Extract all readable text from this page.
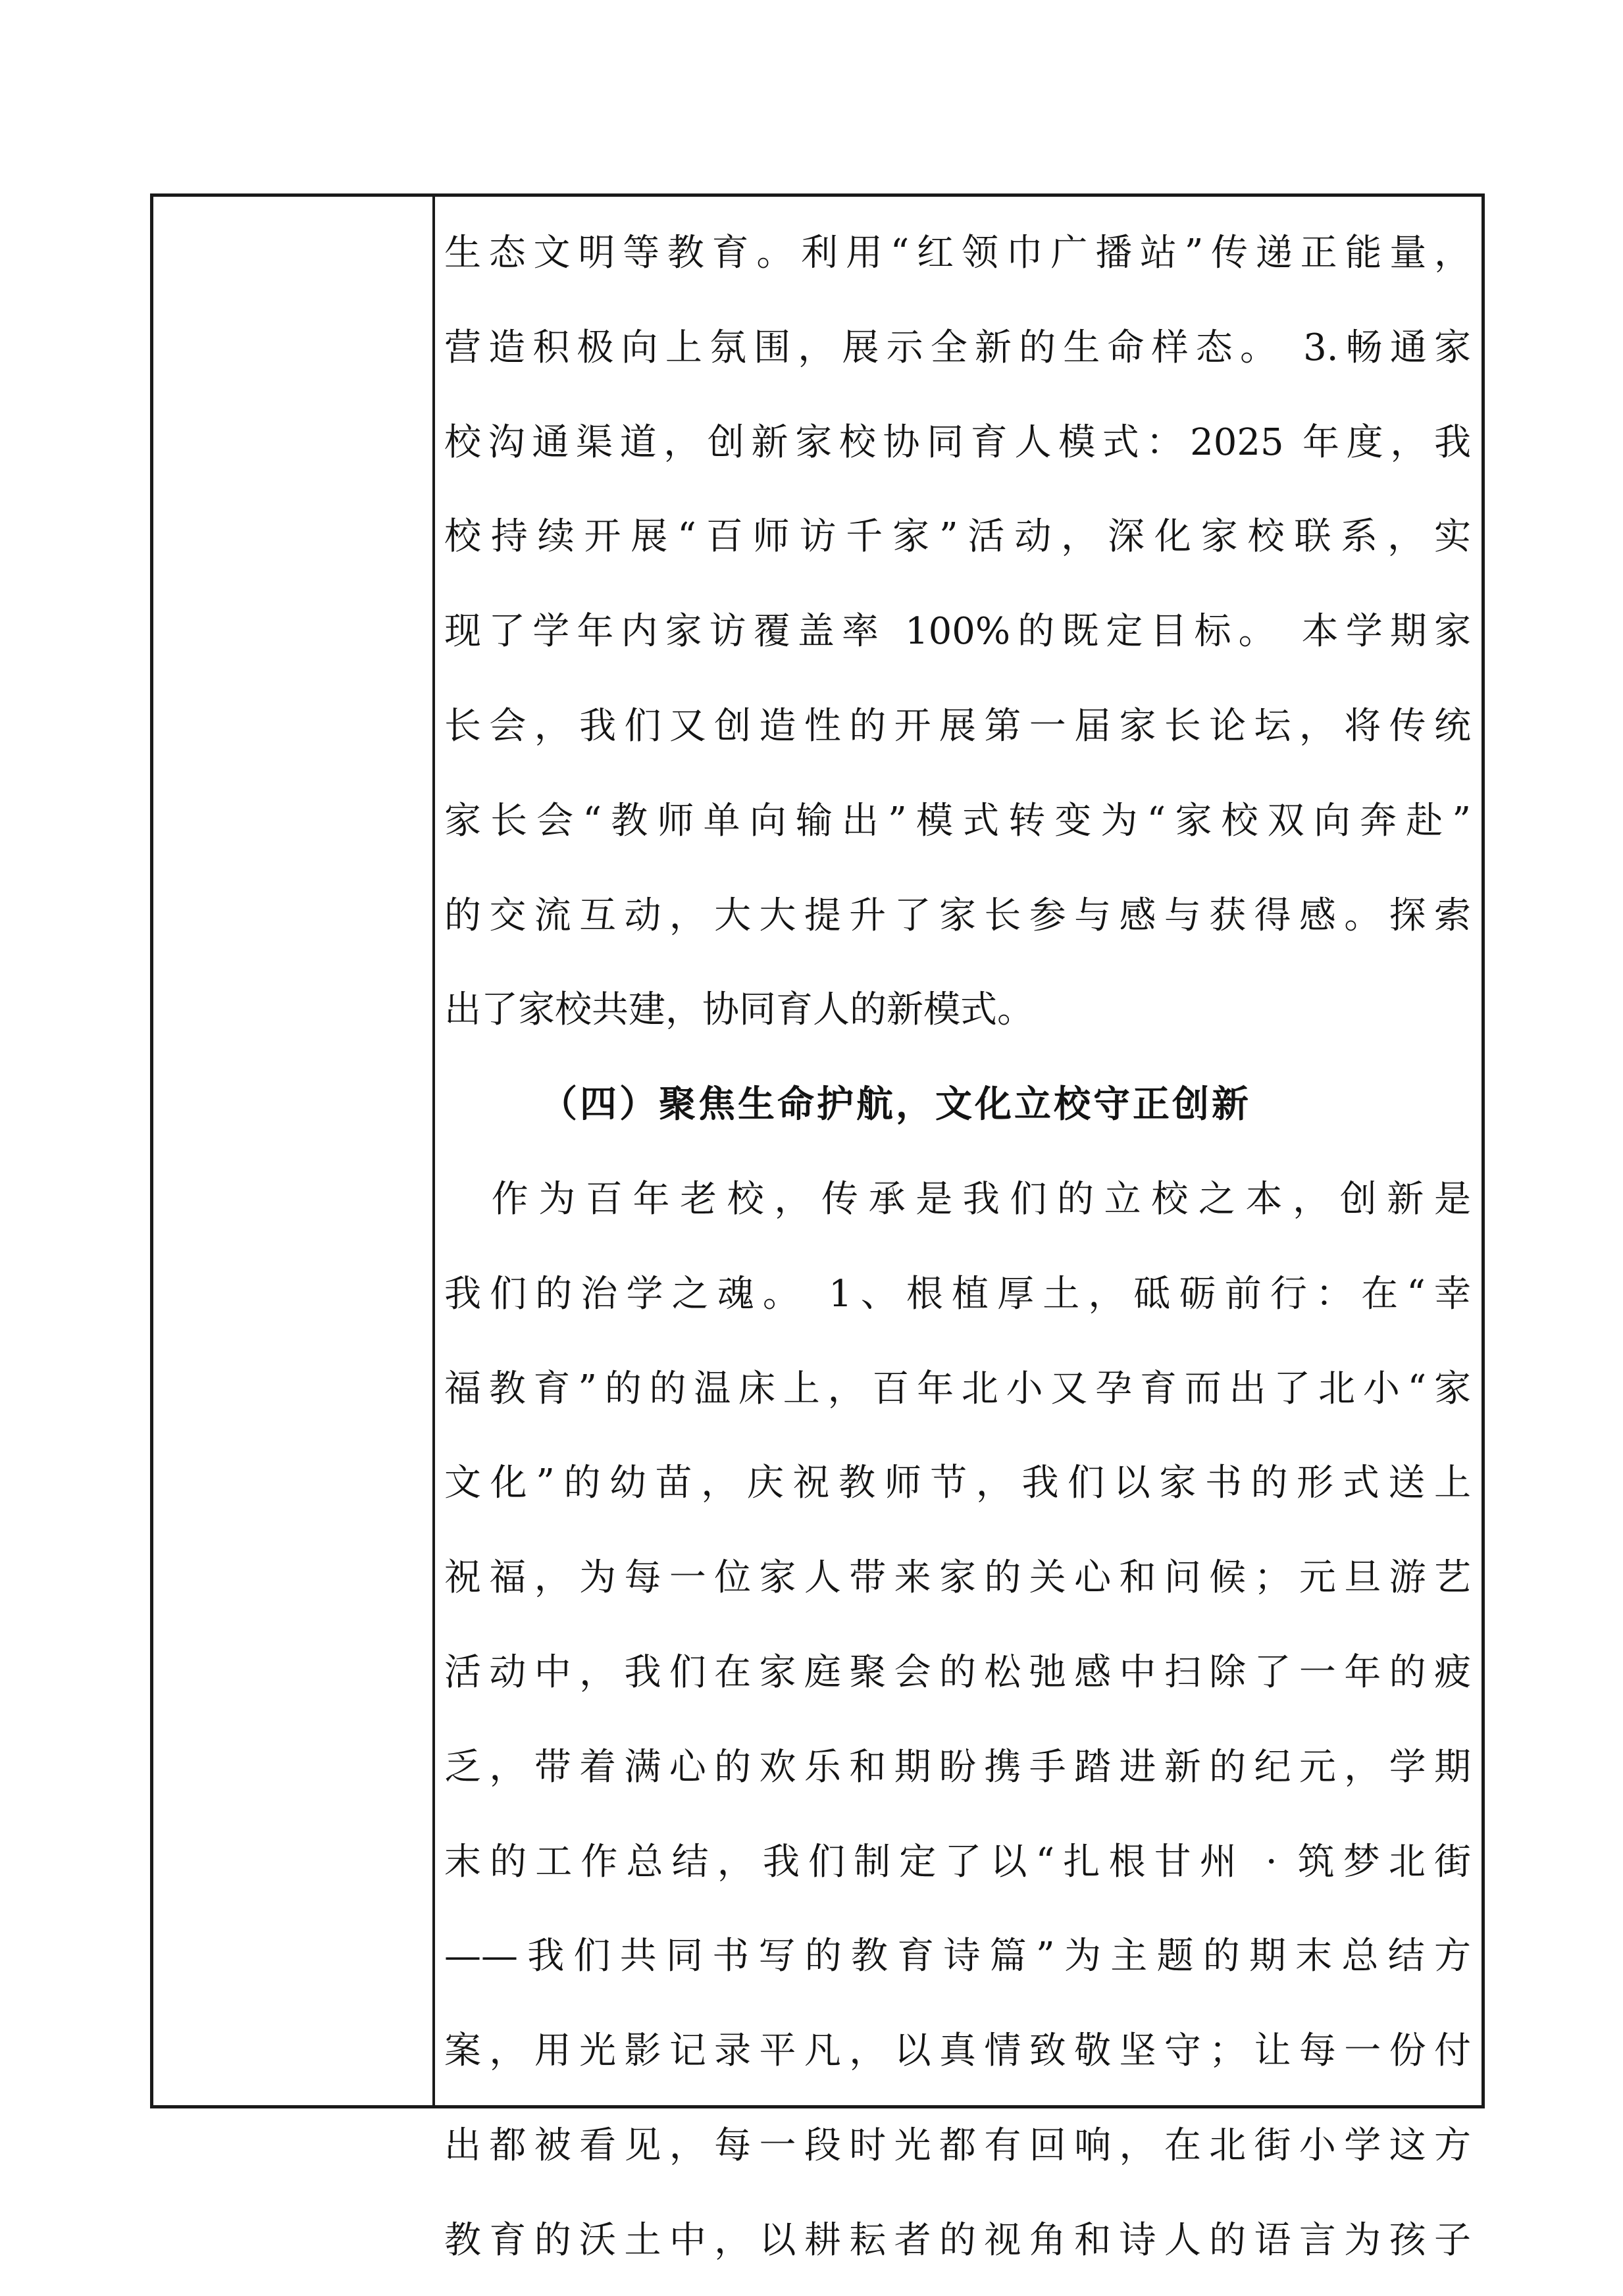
生态文明等教育。利用“红领巾广播站”传递正能量，
营造积极向上氛围，展示全新的生命样态。 3.畅通家
校沟通渠道，创新家校协同育人模式：2025 年度，我
校持续开展“百师访千家”活动，深化家校联系，实
现了学年内家访覆盖率 100%的既定目标。 本学期家
长会，我们又创造性的开展第一届家长论坛，将传统
家长会“教师单向输出”模式转变为“家校双向奔赴”
的交流互动，大大提升了家长参与感与获得感。探索
出了家校共建，协同育人的新模式。
（四）聚焦生命护航，文化立校守正创新
　作为百年老校，传承是我们的立校之本，创新是
我们的治学之魂。 1、根植厚土，砥砺前行：在“幸
福教育”的的温床上，百年北小又孕育而出了北小“家
文化”的幼苗，庆祝教师节，我们以家书的形式送上
祝福，为每一位家人带来家的关心和问候；元旦游艺
活动中，我们在家庭聚会的松弛感中扫除了一年的疲
乏，带着满心的欢乐和期盼携手踏进新的纪元，学期
末的工作总结，我们制定了以“扎根甘州 · 筑梦北街
——我们共同书写的教育诗篇”为主题的期末总结方
案，用光影记录平凡，以真情致敬坚守；让每一份付
出都被看见，每一段时光都有回响，在北街小学这方
教育的沃土中，以耕耘者的视角和诗人的语言为孩子
